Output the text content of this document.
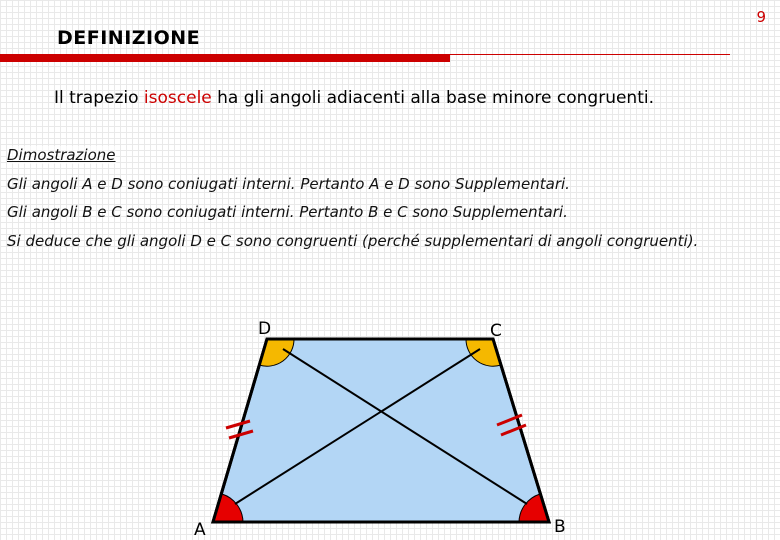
9
DEFINIZIONE
Il trapezio isoscele ha gli angoli adiacenti alla base minore congruenti.
Dimostrazione
Gli angoli A e D sono coniugati interni. Pertanto A e D sono Supplementari.
Gli angoli B e C sono coniugati interni. Pertanto B e C sono Supplementari.
Si deduce che gli angoli D e C sono congruenti (perché supplementari di angoli congruenti).
A	B
C
D
